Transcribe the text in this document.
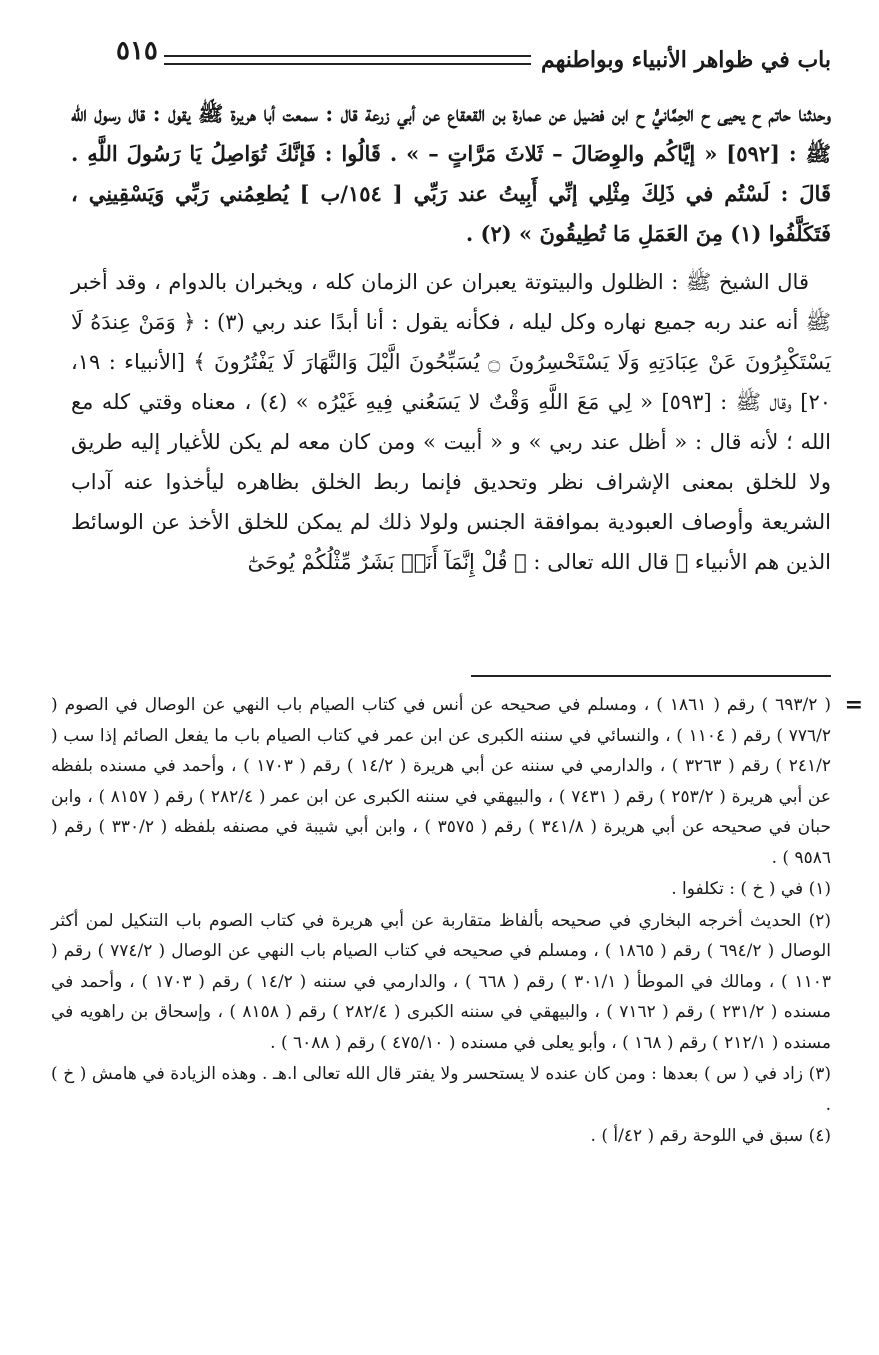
باب في ظواهر الأنبياء وبواطنهم
٥١٥

وحدثنا حاتم ح يحيى ح الحِمَّانيُّ ح ابن فضيل عن عمارة بن القعقاع عن أبي زرعة قال : سمعت أبا هريرة ﷺ يقول : قال رسول الله ﷺ : [٥٩٢] « إيَّاكُم والوِصَالَ – ثَلاثَ مَرَّاتٍ – » . قَالُوا : فَإنَّكَ تُوَاصِلُ يَا رَسُولَ اللَّهِ . قَالَ : لَسْتُم في ذَلِكَ مِثْلِي إنِّي أَبِيتُ عند رَبِّي [ ١٥٤/ب ] يُطعِمُني رَبِّي وَيَسْقِينِي ، فَتَكَلَّفُوا (١) مِنَ العَمَلِ مَا تُطِيقُونَ » (٢) .

قال الشيخ ﷺ : الظلول والبيتوتة يعبران عن الزمان كله ، ويخبران بالدوام ، وقد أخبر ﷺ أنه عند ربه جميع نهاره وكل ليله ، فكأنه يقول : أنا أبدًا عند ربي (٣) : ﴿ وَمَنْ عِندَهُ لَا يَسْتَكْبِرُونَ عَنْ عِبَادَتِهِ وَلَا يَسْتَحْسِرُونَ ۝ يُسَبِّحُونَ الَّيْلَ وَالنَّهَارَ لَا يَفْتُرُونَ ﴾ [الأنبياء : ١٩، ٢٠] وقال ﷺ : [٥٩٣] « لِي مَعَ اللَّهِ وَقْتٌ لا يَسَعُني فِيهِ غَيْرُه » (٤) ، معناه وقتي كله مع الله ؛ لأنه قال : « أظل عند ربي » و « أبيت » ومن كان معه لم يكن للأغيار إليه طريق ولا للخلق بمعنى الإشراف نظر وتحديق فإنما ربط الخلق بظاهره ليأخذوا عنه آداب الشريعة وأوصاف العبودية بموافقة الجنس ولولا ذلك لم يمكن للخلق الأخذ عن الوسائط الذين هم الأنبياء ﷺ قال الله تعالى : ﴿ قُلْ إِنَّمَآ أَنَا۠ بَشَرٌ مِّثْلُكُمْ يُوحَىٰٓ

=

( ٦٩٣/٢ ) رقم ( ١٨٦١ ) ، ومسلم في صحيحه عن أنس في كتاب الصيام باب النهي عن الوصال في الصوم ( ٧٧٦/٢ ) رقم ( ١١٠٤ ) ، والنسائي في سننه الكبرى عن ابن عمر في كتاب الصيام باب ما يفعل الصائم إذا سب ( ٢٤١/٢ ) رقم ( ٣٢٦٣ ) ، والدارمي في سننه عن أبي هريرة ( ١٤/٢ ) رقم ( ١٧٠٣ ) ، وأحمد في مسنده بلفظه عن أبي هريرة ( ٢٥٣/٢ ) رقم ( ٧٤٣١ ) ، والبيهقي في سننه الكبرى عن ابن عمر ( ٢٨٢/٤ ) رقم ( ٨١٥٧ ) ، وابن حبان في صحيحه عن أبي هريرة ( ٣٤١/٨ ) رقم ( ٣٥٧٥ ) ، وابن أبي شيبة في مصنفه بلفظه ( ٣٣٠/٢ ) رقم ( ٩٥٨٦ ) .

(١) في ( خ ) : تكلفوا .

(٢) الحديث أخرجه البخاري في صحيحه بألفاظ متقاربة عن أبي هريرة في كتاب الصوم باب التنكيل لمن أكثر الوصال ( ٦٩٤/٢ ) رقم ( ١٨٦٥ ) ، ومسلم في صحيحه في كتاب الصيام باب النهي عن الوصال ( ٧٧٤/٢ ) رقم ( ١١٠٣ ) ، ومالك في الموطأ ( ٣٠١/١ ) رقم ( ٦٦٨ ) ، والدارمي في سننه ( ١٤/٢ ) رقم ( ١٧٠٣ ) ، وأحمد في مسنده ( ٢٣١/٢ ) رقم ( ٧١٦٢ ) ، والبيهقي في سننه الكبرى ( ٢٨٢/٤ ) رقم ( ٨١٥٨ ) ، وإسحاق بن راهويه في مسنده ( ٢١٢/١ ) رقم ( ١٦٨ ) ، وأبو يعلى في مسنده ( ٤٧٥/١٠ ) رقم ( ٦٠٨٨ ) .

(٣) زاد في ( س ) بعدها : ومن كان عنده لا يستحسر ولا يفتر قال الله تعالى ا.هـ . وهذه الزيادة في هامش ( خ ) .

(٤) سبق في اللوحة رقم ( ٤٢/أ ) .
